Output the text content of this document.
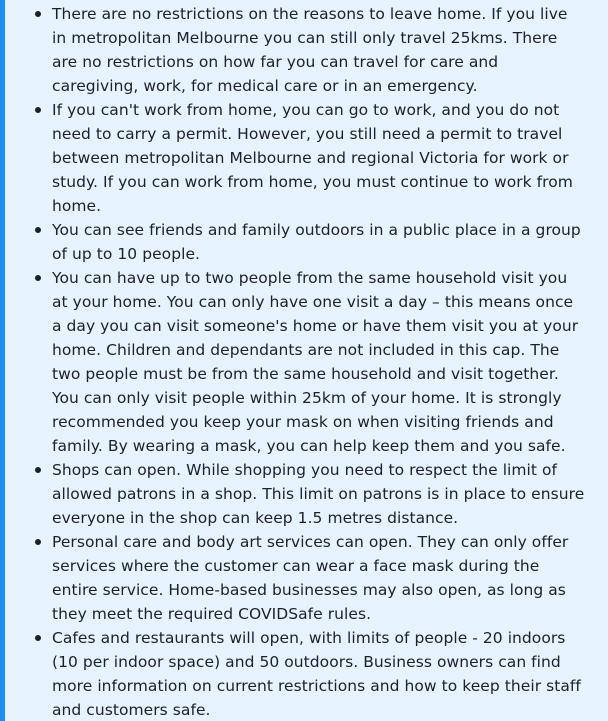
There are no restrictions on the reasons to leave home. If you live in metropolitan Melbourne you can still only travel 25kms. There are no restrictions on how far you can travel for care and caregiving, work, for medical care or in an emergency.
If you can't work from home, you can go to work, and you do not need to carry a permit. However, you still need a permit to travel between metropolitan Melbourne and regional Victoria for work or study. If you can work from home, you must continue to work from home.
You can see friends and family outdoors in a public place in a group of up to 10 people.
You can have up to two people from the same household visit you at your home. You can only have one visit a day – this means once a day you can visit someone's home or have them visit you at your home. Children and dependants are not included in this cap. The two people must be from the same household and visit together. You can only visit people within 25km of your home. It is strongly recommended you keep your mask on when visiting friends and family. By wearing a mask, you can help keep them and you safe.
Shops can open. While shopping you need to respect the limit of allowed patrons in a shop. This limit on patrons is in place to ensure everyone in the shop can keep 1.5 metres distance.
Personal care and body art services can open. They can only offer services where the customer can wear a face mask during the entire service. Home-based businesses may also open, as long as they meet the required COVIDSafe rules.
Cafes and restaurants will open, with limits of people - 20 indoors (10 per indoor space) and 50 outdoors. Business owners can find more information on current restrictions and how to keep their staff and customers safe.
